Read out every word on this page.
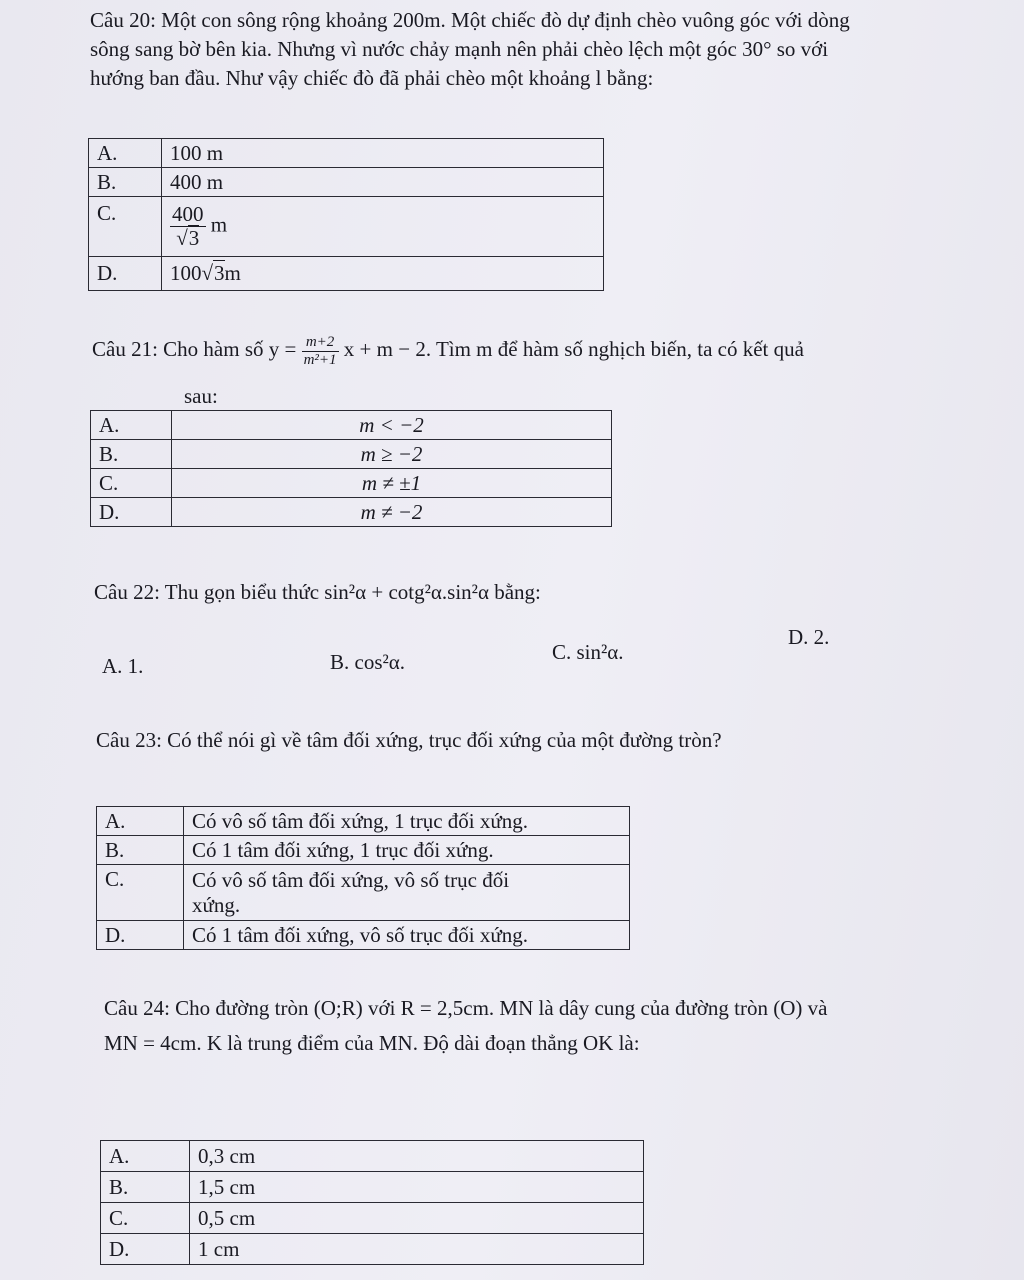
Câu 20: Một con sông rộng khoảng 200m. Một chiếc đò dự định chèo vuông góc với dòng
sông sang bờ bên kia. Nhưng vì nước chảy mạnh nên phải chèo lệch một góc 30° so với
hướng ban đầu. Như vậy chiếc đò đã phải chèo một khoảng l bằng:
A.	100 m
B.	400 m
C.	$\frac{400}{√3}$ m
D.	100√3m
Câu 21: Cho hàm số $y = \frac{m+2}{\text{m²+1}}$ x + m − 2. Tìm m để hàm số nghịch biến, ta có kết quả
sau:
A.	m < −2
B.	m ≥ −2
C.	m ≠ ±1
D.	m ≠ −2
Câu 22: Thu gọn biểu thức sin²α + cotg²α.sin²α bằng:
A. 1.	B. cos²α.	C. sin²α.
D. 2.
Câu 23: Có thể nói gì về tâm đối xứng, trục đối xứng của một đường tròn?
A.	Có vô số tâm đối xứng, 1 trục đối xứng.
B.	Có 1 tâm đối xứng, 1 trục đối xứng.
C.	Có vô số tâm đối xứng, vô số trục đối
xứng.

D.	Có 1 tâm đối xứng, vô số trục đối xứng.
Câu 24: Cho đường tròn (O;R) với R = 2,5cm. MN là dây cung của đường tròn (O) và
MN = 4cm. K là trung điểm của MN. Độ dài đoạn thẳng OK là:
A.	0,3 cm
B.	1,5 cm
C.	0,5 cm
D.	1 cm
